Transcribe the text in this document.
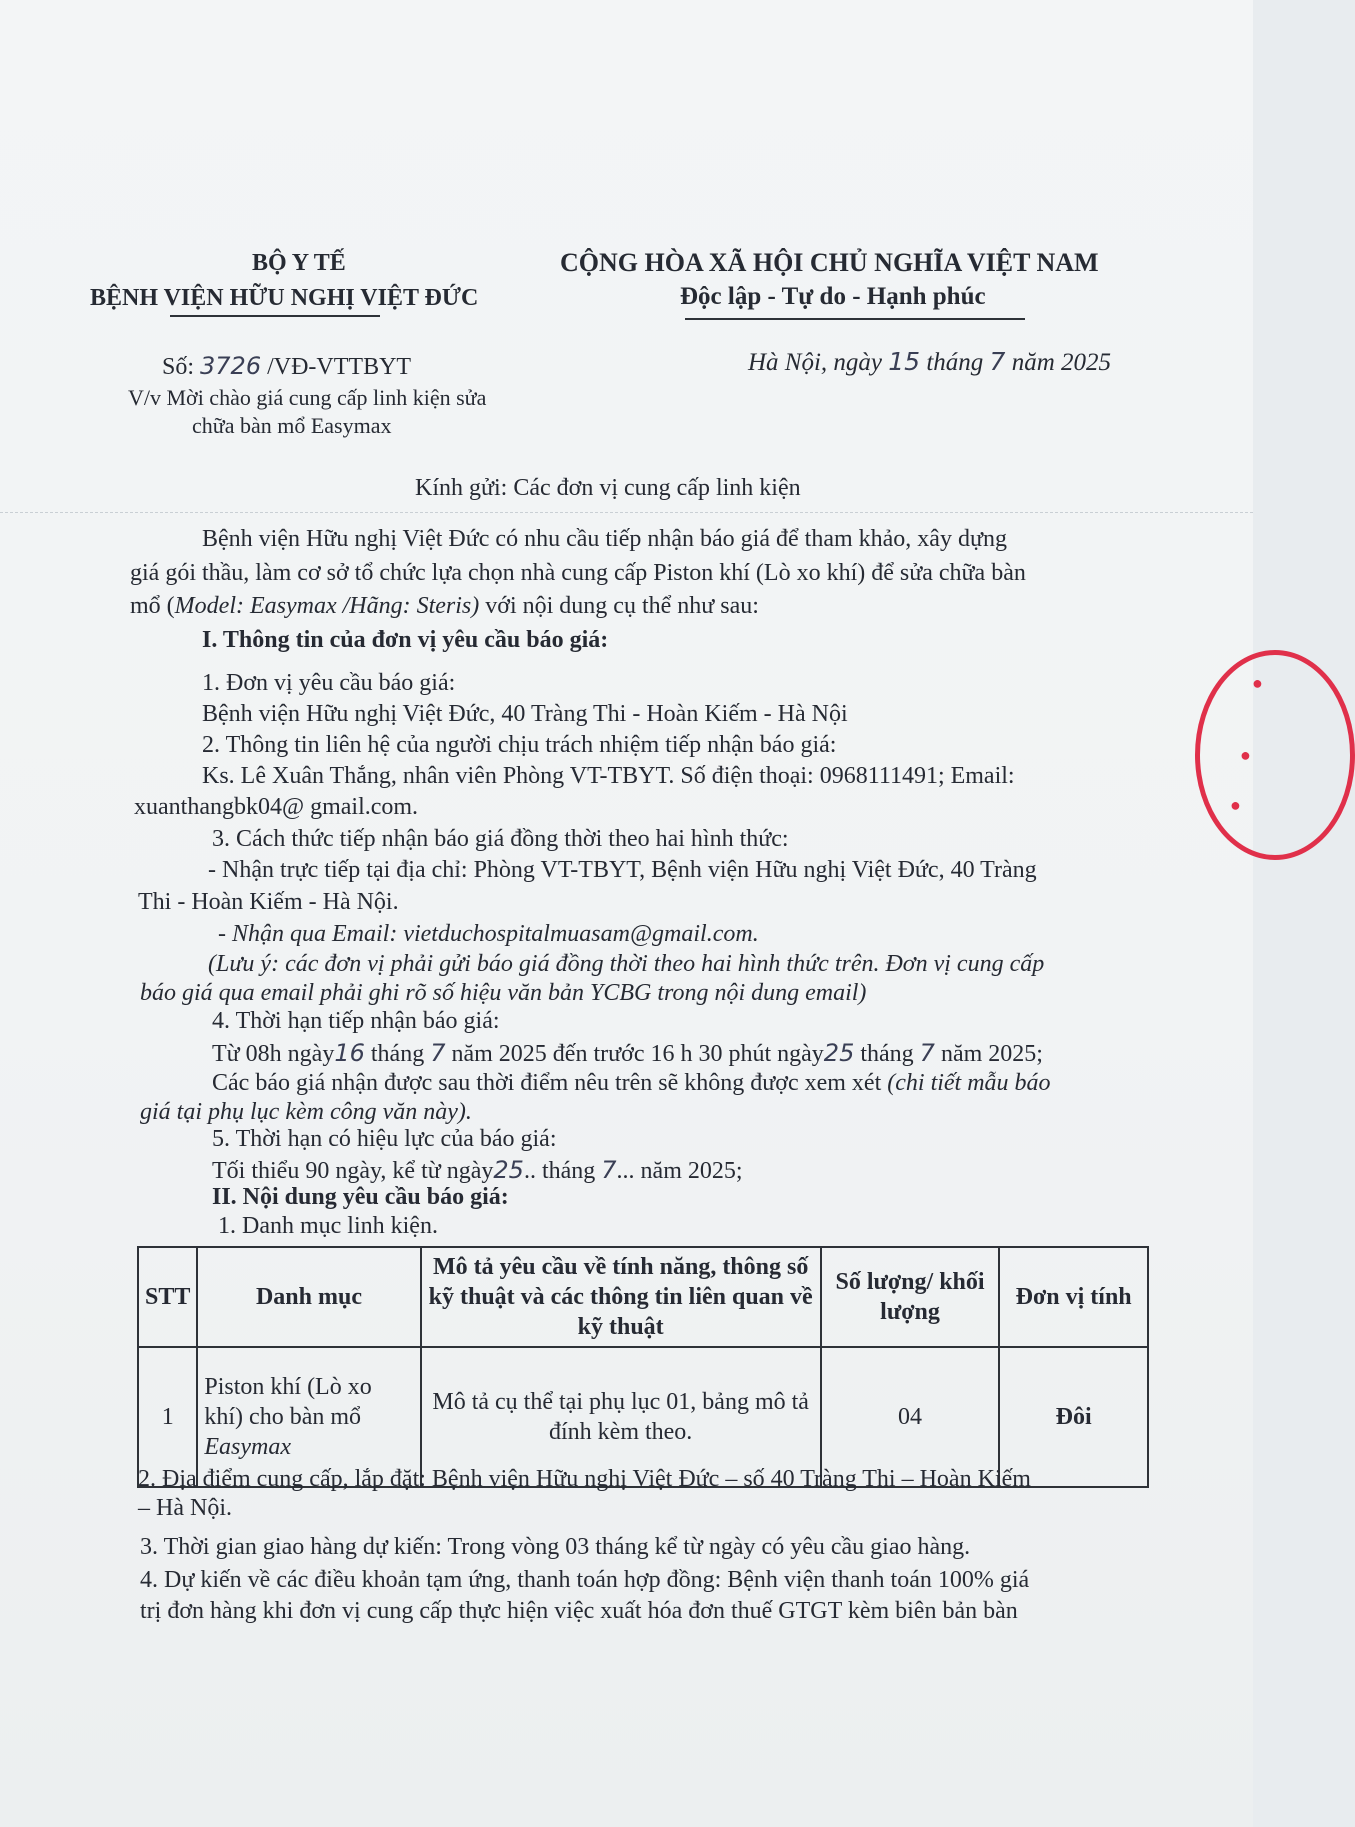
BỘ Y TẾ
BỆNH VIỆN HỮU NGHỊ VIỆT ĐỨC
CỘNG HÒA XÃ HỘI CHỦ NGHĨA VIỆT NAM
Độc lập - Tự do - Hạnh phúc
Số: 3726 /VĐ-VTTBYT
V/v Mời chào giá cung cấp linh kiện sửa
chữa bàn mổ Easymax
Hà Nội, ngày 15 tháng 7 năm 2025
Kính gửi: Các đơn vị cung cấp linh kiện
Bệnh viện Hữu nghị Việt Đức có nhu cầu tiếp nhận báo giá để tham khảo, xây dựng
giá gói thầu, làm cơ sở tổ chức lựa chọn nhà cung cấp Piston khí (Lò xo khí) để sửa chữa bàn
mổ (Model: Easymax /Hãng: Steris) với nội dung cụ thể như sau:
I. Thông tin của đơn vị yêu cầu báo giá:
1. Đơn vị yêu cầu báo giá:
Bệnh viện Hữu nghị Việt Đức, 40 Tràng Thi - Hoàn Kiếm - Hà Nội
2. Thông tin liên hệ của người chịu trách nhiệm tiếp nhận báo giá:
Ks. Lê Xuân Thắng, nhân viên Phòng VT-TBYT. Số điện thoại: 0968111491; Email:
xuanthangbk04@ gmail.com.
3. Cách thức tiếp nhận báo giá đồng thời theo hai hình thức:
- Nhận trực tiếp tại địa chỉ: Phòng VT-TBYT, Bệnh viện Hữu nghị Việt Đức, 40 Tràng
Thi - Hoàn Kiếm - Hà Nội.
- Nhận qua Email: vietduchospitalmuasam@gmail.com.
(Lưu ý: các đơn vị phải gửi báo giá đồng thời theo hai hình thức trên. Đơn vị cung cấp
báo giá qua email phải ghi rõ số hiệu văn bản YCBG trong nội dung email)
4. Thời hạn tiếp nhận báo giá:
Từ 08h ngày16 tháng 7 năm 2025 đến trước 16 h 30 phút ngày25 tháng 7 năm 2025;
Các báo giá nhận được sau thời điểm nêu trên sẽ không được xem xét (chi tiết mẫu báo
giá tại phụ lục kèm công văn này).
5. Thời hạn có hiệu lực của báo giá:
Tối thiểu 90 ngày, kể từ ngày25.. tháng 7... năm 2025;
II. Nội dung yêu cầu báo giá:
1. Danh mục linh kiện.
STT	Danh mục	Mô tả yêu cầu về tính năng, thông số kỹ thuật và các thông tin liên quan về kỹ thuật	Số lượng/ khối lượng	Đơn vị tính
1	Piston khí (Lò xo
khí) cho bàn mổ
Easymax	Mô tả cụ thể tại phụ lục 01, bảng mô tả đính kèm theo.	04	Đôi
2. Địa điểm cung cấp, lắp đặt: Bệnh viện Hữu nghị Việt Đức – số 40 Tràng Thi – Hoàn Kiếm
– Hà Nội.
3. Thời gian giao hàng dự kiến: Trong vòng 03 tháng kể từ ngày có yêu cầu giao hàng.
4. Dự kiến về các điều khoản tạm ứng, thanh toán hợp đồng: Bệnh viện thanh toán 100% giá
trị đơn hàng khi đơn vị cung cấp thực hiện việc xuất hóa đơn thuế GTGT kèm biên bản bàn
●
●
●
